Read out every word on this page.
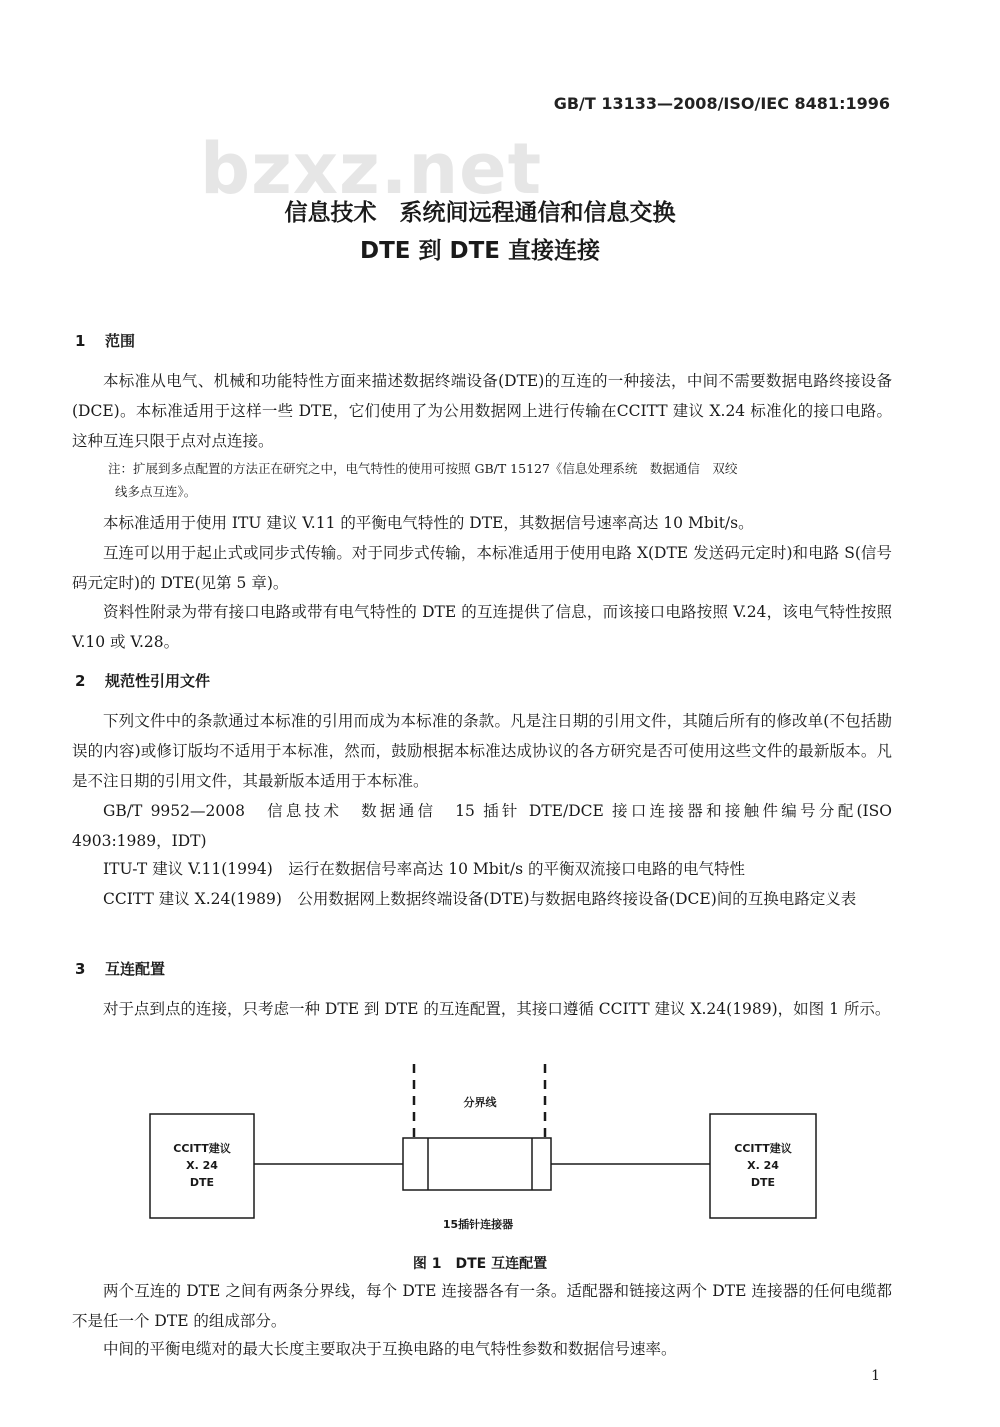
bzxz.net
GB/T 13133—2008/ISO/IEC 8481:1996
信息技术　系统间远程通信和信息交换
DTE 到 DTE 直接连接
1 范围

本标准从电气、机械和功能特性方面来描述数据终端设备(DTE)的互连的一种接法，中间不需要数据电路终接设备(DCE)。本标准适用于这样一些 DTE，它们使用了为公用数据网上进行传输在CCITT 建议 X.24 标准化的接口电路。这种互连只限于点对点连接。

注：扩展到多点配置的方法正在研究之中，电气特性的使用可按照 GB/T 15127《信息处理系统　数据通信　双绞
线多点互连》。

本标准适用于使用 ITU 建议 V.11 的平衡电气特性的 DTE，其数据信号速率高达 10 Mbit/s。

互连可以用于起止式或同步式传输。对于同步式传输，本标准适用于使用电路 X(DTE 发送码元定时)和电路 S(信号码元定时)的 DTE(见第 5 章)。

资料性附录为带有接口电路或带有电气特性的 DTE 的互连提供了信息，而该接口电路按照 V.24，该电气特性按照 V.10 或 V.28。

2 规范性引用文件

下列文件中的条款通过本标准的引用而成为本标准的条款。凡是注日期的引用文件，其随后所有的修改单(不包括勘误的内容)或修订版均不适用于本标准，然而，鼓励根据本标准达成协议的各方研究是否可使用这些文件的最新版本。凡是不注日期的引用文件，其最新版本适用于本标准。

GB/T 9952—2008　信息技术　数据通信　15 插针 DTE/DCE 接口连接器和接触件编号分配(ISO 4903:1989，IDT)

ITU-T 建议 V.11(1994)　运行在数据信号率高达 10 Mbit/s 的平衡双流接口电路的电气特性

CCITT 建议 X.24(1989)　公用数据网上数据终端设备(DTE)与数据电路终接设备(DCE)间的互换电路定义表

3 互连配置

对于点到点的连接，只考虑一种 DTE 到 DTE 的互连配置，其接口遵循 CCITT 建议 X.24(1989)，如图 1 所示。

CCITT建议
X. 24
DTE
CCITT建议
X. 24
DTE
分界线
15插针连接器
图 1　DTE 互连配置

两个互连的 DTE 之间有两条分界线，每个 DTE 连接器各有一条。适配器和链接这两个 DTE 连接器的任何电缆都不是任一个 DTE 的组成部分。

中间的平衡电缆对的最大长度主要取决于互换电路的电气特性参数和数据信号速率。

1
